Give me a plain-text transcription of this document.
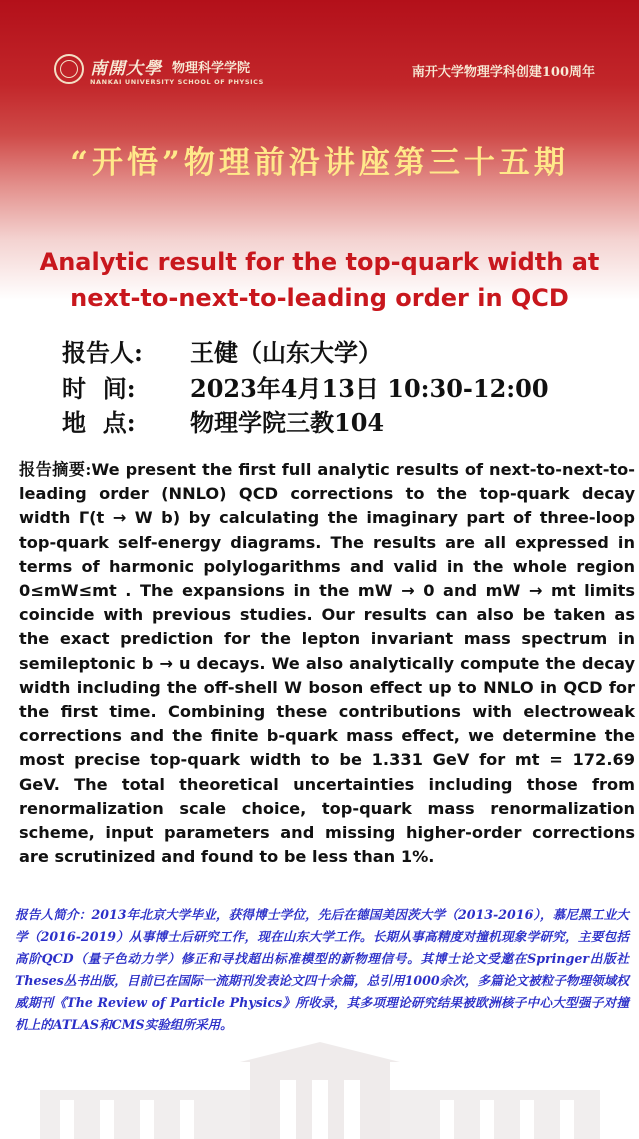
南開大學 物理科学学院
NANKAI UNIVERSITY SCHOOL OF PHYSICS
南开大学物理学科创建100周年
“开悟”物理前沿讲座第三十五期
Analytic result for the top-quark width at
next-to-next-to-leading order in QCD
报告人:	王健（山东大学）
时  间:	2023年4月13日 10:30-12:00
地  点:	物理学院三教104
报告摘要:We present the first full analytic results of next-to-next-to-leading order (NNLO) QCD corrections to the top-quark decay width Γ(t → W b) by calculating the imaginary part of three-loop top-quark self-energy diagrams. The results are all expressed in terms of harmonic polylogarithms and valid in the whole region 0≤mW≤mt . The expansions in the mW → 0 and mW → mt limits coincide with previous studies. Our results can also be taken as the exact prediction for the lepton invariant mass spectrum in semileptonic b → u decays. We also analytically compute the decay width including the off-shell W boson effect up to NNLO in QCD for the first time. Combining these contributions with electroweak corrections and the finite b-quark mass effect, we determine the most precise top-quark width to be 1.331 GeV for mt = 172.69 GeV. The total theoretical uncertainties including those from renormalization scale choice, top-quark mass renormalization scheme, input parameters and missing higher-order corrections are scrutinized and found to be less than 1%.
报告人简介：2013年北京大学毕业，获得博士学位，先后在德国美因茨大学（2013-2016），慕尼黑工业大学（2016-2019）从事博士后研究工作，现在山东大学工作。长期从事高精度对撞机现象学研究，主要包括高阶QCD（量子色动力学）修正和寻找超出标准模型的新物理信号。其博士论文受邀在Springer出版社Theses丛书出版，目前已在国际一流期刊发表论文四十余篇，总引用1000余次，多篇论文被粒子物理领域权威期刊《The Review of Particle Physics》所收录，其多项理论研究结果被欧洲核子中心大型强子对撞机上的ATLAS和CMS实验组所采用。
